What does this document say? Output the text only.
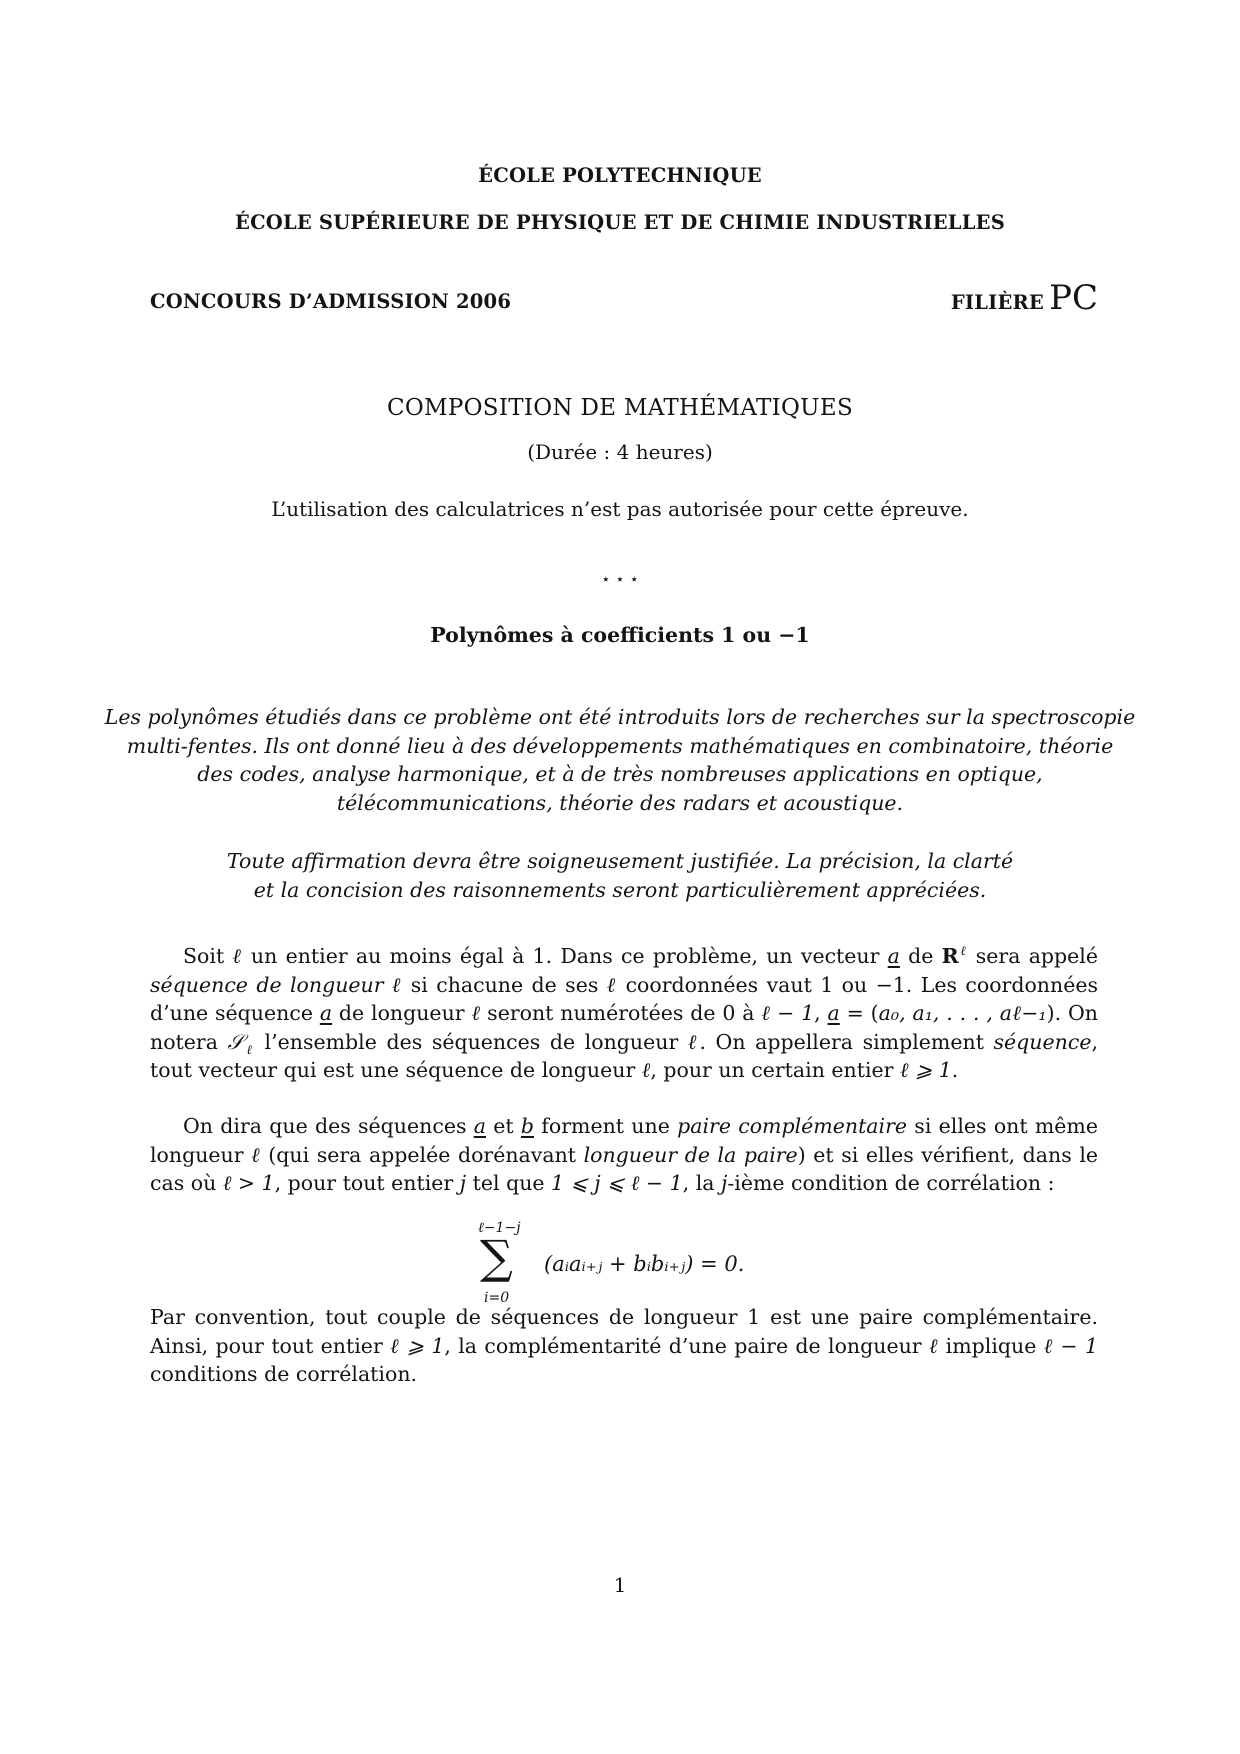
ÉCOLE POLYTECHNIQUE

ÉCOLE SUPÉRIEURE DE PHYSIQUE ET DE CHIMIE INDUSTRIELLES

CONCOURS D’ADMISSION 2006	FILIÈRE PC

COMPOSITION DE MATHÉMATIQUES

(Durée : 4 heures)

L’utilisation des calculatrices n’est pas autorisée pour cette épreuve.

⋆ ⋆ ⋆

Polynômes à coefficients 1 ou −1

Les polynômes étudiés dans ce problème ont été introduits lors de recherches sur la spectroscopie
multi-fentes. Ils ont donné lieu à des développements mathématiques en combinatoire, théorie
des codes, analyse harmonique, et à de très nombreuses applications en optique,
télécommunications, théorie des radars et acoustique.
Toute affirmation devra être soigneusement justifiée. La précision, la clarté
et la concision des raisonnements seront particulièrement appréciées.

Soit ℓ un entier au moins égal à 1. Dans ce problème, un vecteur a de $R^\ell$ sera appelé séquence de longueur ℓ si chacune de ses ℓ coordonnées vaut 1 ou −1. Les coordonnées d’une séquence a de longueur ℓ seront numérotées de 0 à ℓ − 1, a = (a₀, a₁, . . . , aℓ−₁). On notera 𝒮$_\ell$ l’ensemble des séquences de longueur ℓ. On appellera simplement séquence, tout vecteur qui est une séquence de longueur ℓ, pour un certain entier ℓ ⩾ 1.

On dira que des séquences a et b forment une paire complémentaire si elles ont même longueur ℓ (qui sera appelée dorénavant longueur de la paire) et si elles vérifient, dans le cas où ℓ > 1, pour tout entier j tel que 1 ⩽ j ⩽ ℓ − 1, la j-ième condition de corrélation :

ℓ−1−j
∑
i=0
(aᵢaᵢ₊ⱼ + bᵢbᵢ₊ⱼ) = 0.

Par convention, tout couple de séquences de longueur 1 est une paire complémentaire. Ainsi, pour tout entier ℓ ⩾ 1, la complémentarité d’une paire de longueur ℓ implique ℓ − 1 conditions de corrélation.

1
